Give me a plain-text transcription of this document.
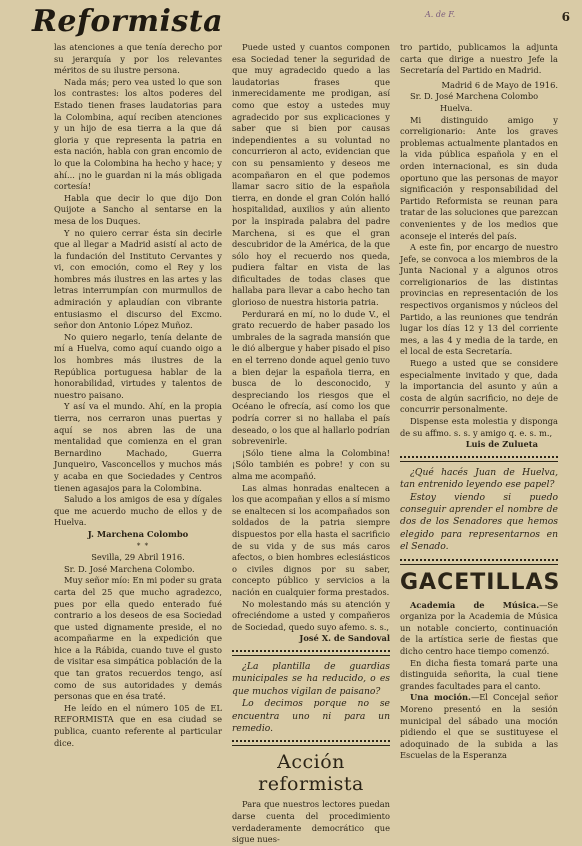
Reformista	A. de F.	6

las atenciones a que tenía derecho por su jerarquía y por los relevantes méritos de su ilustre persona.

Nada más; pero vea usted lo que son los contrastes: los altos poderes del Estado tienen frases laudatorias para la Colombina, aquí reciben atenciones y un hijo de esa tierra a la que dá gloria y que representa la patria en esta nación, habla con gran encomio de lo que la Colombina ha hecho y hace; y ahí... ¡no le guardan ni la más obligada cortesía!

Habla que decir lo que dijo Don Quijote a Sancho al sentarse en la mesa de los Duques.

Y no quiero cerrar ésta sin decirle que al llegar a Madrid asistí al acto de la fundación del Instituto Cervantes y vi, con emoción, como el Rey y los hombres más ilustres en las artes y las letras interrumpían con murmullos de admiración y aplaudían con vibrante entusiasmo el discurso del Excmo. señor don Antonio López Muñoz.

No quiero negarlo, tenía delante de mí a Huelva, como aquí cuando oigo a los hombres más ilustres de la República portuguesa hablar de la honorabilidad, virtudes y talentos de nuestro paisano.

Y así va el mundo. Ahí, en la propia tierra, nos cerraron unas puertas y aquí se nos abren las de una mentalidad que comienza en el gran Bernardino Machado, Guerra Junqueiro, Vasconcellos y muchos más y acaba en que Sociedades y Centros tienen agasajos para la Colombina.

Saludo a los amigos de esa y dígales que me acuerdo mucho de ellos y de Huelva.

J. Marchena Colombo

* *

Sevilla, 29 Abril 1916.

Sr. D. José Marchena Colombo.

Muy señor mío: En mi poder su grata carta del 25 que mucho agradezco, pues por ella quedo enterado fué contrario a los deseos de esa Sociedad que usted dignamente preside, el no acompañarme en la expedición que hice a la Rábida, cuando tuve el gusto de visitar esa simpática población de la que tan gratos recuerdos tengo, así como de sus autoridades y demás personas que en ésa traté.

He leído en el número 105 de EL REFORMISTA que en esa ciudad se publica, cuanto referente al particular dice.

Puede usted y cuantos componen esa Sociedad tener la seguridad de que muy agradecido quedo a las laudatorias frases que inmerecidamente me prodigan, así como que estoy a ustedes muy agradecido por sus explicaciones y saber que si bien por causas independientes a su voluntad no concurrieron al acto, evidencian que con su pensamiento y deseos me acompañaron en el que podemos llamar sacro sitio de la española tierra, en donde el gran Colón halló hospitalidad, auxilios y aún aliento por la inspirada palabra del padre Marchena, si es que el gran descubridor de la América, de la que sólo hoy el recuerdo nos queda, pudiera faltar en vista de las dificultades de todas clases que hallaba para llevar a cabo hecho tan glorioso de nuestra historia patria.

Perdurará en mí, no lo dude V., el grato recuerdo de haber pasado los umbrales de la sagrada mansión que le dió albergue y haber pisado el piso en el terreno donde aquel genio tuvo a bien dejar la española tierra, en busca de lo desconocido, y despreciando los riesgos que el Océano le ofrecía, así como los que podría correr si no hallaba el país deseado, o los que al hallarlo podrían sobrevenirle.

¡Sólo tiene alma la Colombina! ¡Sólo también es pobre! y con su alma me acompañó.

Las almas honradas enaltecen a los que acompañan y ellos a sí mismo se enaltecen si los acompañados son soldados de la patria siempre dispuestos por ella hasta el sacrificio de su vida y de sus más caros afectos, o bien hombres eclesiásticos o civiles dignos por su saber, concepto público y servicios a la nación en cualquier forma prestados.

No molestando más su atención y ofreciéndome a usted y compañeros de Sociedad, quedo suyo afemo. s. s.,

José X. de Sandoval

¿La plantilla de guardias municipales se ha reducido, o es que muchos vigilan de paisano?

Lo decimos porque no se encuentra uno ni para un remedio.

Acción reformista

Para que nuestros lectores puedan darse cuenta del procedimiento verdaderamente democrático que sigue nues-

tro partido, publicamos la adjunta carta que dirige a nuestro Jefe la Secretaría del Partido en Madrid.

Madrid 6 de Mayo de 1916.

Sr. D. José Marchena Colombo

Huelva.

Mi distinguido amigo y correligionario: Ante los graves problemas actualmente plantados en la vida pública española y en el orden internacional, es sin duda oportuno que las personas de mayor significación y responsabilidad del Partido Reformista se reunan para tratar de las soluciones que parezcan convenientes y de los medios que aconseje el interés del país.

A este fin, por encargo de nuestro Jefe, se convoca a los miembros de la Junta Nacional y a algunos otros correligionarios de las distintas provincias en representación de los respectivos organismos y núcleos del Partido, a las reuniones que tendrán lugar los días 12 y 13 del corriente mes, a las 4 y media de la tarde, en el local de esta Secretaría.

Ruego a usted que se considere especialmente invitado y que, dada la importancia del asunto y aún a costa de algún sacrificio, no deje de concurrir personalmente.

Dispense esta molestia y disponga de su affmo. s. s. y amigo q. e. s. m.,

Luis de Zulueta

¿Qué hacés Juan de Huelva, tan entrenido leyendo ese papel?

Estoy viendo si puedo conseguir aprender el nombre de dos de los Senadores que hemos elegido para representarnos en el Senado.

GACETILLAS

Academia de Música.—Se organiza por la Academia de Música un notable concierto, continuación de la artística serie de fiestas que dicho centro hace tiempo comenzó.

En dicha fiesta tomará parte una distinguida señorita, la cual tiene grandes facultades para el canto.

Una moción.—El Concejal señor Moreno presentó en la sesión municipal del sábado una moción pidiendo el que se sustituyese el adoquinado de la subida a las Escuelas de la Esperanza
